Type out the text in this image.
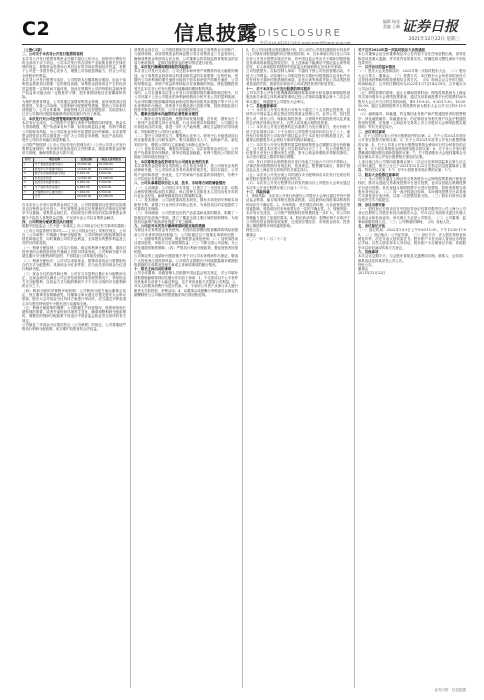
C2	信息披露 DISCLOSURE
编辑 杨亮
美编 王琳 证券日报
2021年12月22日 星期三
电话:010-83251716 E-mail:zqrb9@zqrb.sina.net

（上接C1版）

二、公司关于本次非公开发行股票的说明

本次非公开发行股票募集资金总额不超过人民币元，扣除发行费用后将全部用于以下项目。公司本次发行符合国家产业政策及相关法律法规的规定，募集资金投资项目具有良好的市场前景和经济效益，有利于公司进一步提升核心竞争力，增强公司持续盈利能力，符合公司及全体股东的利益。

本次非公开发行股票完成后，公司的股本总额将相应增加，但由于募集资金投资项目需要一定的建设周期，募集资金投资项目产生的经济效益需要一定的时间才能体现，因此在短期内公司的每股收益和净资产收益率可能出现一定程度的下降，股东即期回报存在被摊薄的风险。

为保护投资者利益，公司将通过加强募集资金管理、加快募投项目投资进度、完善公司治理、完善利润分配制度等措施，提高公司未来的回报能力。公司全体董事、高级管理人员以及控股股东、实际控制人已对公司填补回报措施能够得到切实履行作出了承诺。

三、本次发行对公司经营管理和财务状况的影响

本次发行完成后，公司的资产总额与净资产规模将同时增加，资金实力得到增强，资产负债率有所下降，财务结构更趋合理，有利于降低公司的财务风险，为公司后续业务的开拓提供良好的保障。本次募集资金投资项目的实施将进一步扩大公司的业务规模，优化产品结构，提升公司的市场地位和盈利能力。

公司将严格按照《上市公司证券发行管理办法》《上市公司非公开发行股票实施细则》等法律法规及规范性文件的要求，规范募集资金的使用与管理，确保募集资金专款专用。

序号	项目名称	投资总额	拟投入募集资金
1	年产智能装备建设项目	35,000.00	30,000.00
2	研发中心升级建设项目	12,000.00	10,000.00
3	数字化营销网络建设项目	8,500.00	8,000.00
4	补充流动资金	12,000.00	12,000.00
5	信息化系统建设项目	6,000.00	5,500.00
6	生产线技术改造项目	9,800.00	9,000.00
7	仓储物流中心建设项目	7,200.00	6,500.00
	合计	90,500.00	81,000.00

在本次非公开发行募集资金到位之前，公司将根据项目进度的实际情况以自筹资金先行投入，并在募集资金到位后按照相关法规规定的程序予以置换。募集资金到位后，若扣除发行费用后的实际募集资金净额少于拟投入募集资金总额，不足部分由公司以自筹资金解决。

四、公司利润分配政策及执行情况

根据中国证监会《关于进一步落实上市公司现金分红有关事项的通知》《上市公司监管指引第3号——上市公司现金分红》的相关规定，公司在《公司章程》中明确了利润分配政策，公司的利润分配政策保持连续性和稳定性，同时兼顾公司的长远利益、全体股东的整体利益及公司的可持续发展。

（一）利润分配原则：公司实行持续、稳定的利润分配政策，重视对投资者的合理投资回报并兼顾公司的可持续发展。公司利润分配不得超过累计可分配利润的范围，不得损害公司持续经营能力。

（二）利润分配形式：公司可以采取现金、股票或者现金与股票相结合的方式分配股利，具备现金分红条件的，应当优先采用现金分红进行利润分配。

（三）现金分红的条件和比例：公司在当年盈利且累计未分配利润为正，且现金流可以满足公司正常经营和持续发展的情况下，采取现金方式分配股利，以现金方式分配的利润不少于当年实现的可分配利润的百分之十。

（四）利润分配的决策程序和机制：公司利润分配方案由董事会拟定，独立董事发表明确意见，经董事会审议通过后提交股东大会审议批准。股东大会对现金分红具体方案进行审议时，应当通过多种渠道主动与股东特别是中小股东进行沟通和交流。

（五）利润分配政策的调整：公司根据生产经营情况、投资规划和长期发展的需要，或者外部经营环境发生变化，确需调整利润分配政策的，调整后的利润分配政策不得违反中国证监会和证券交易所的有关规定。

公司最近三年现金分红情况符合《公司章程》的规定，公司将继续严格执行利润分配政策，切实维护投资者的合法权益。

募集资金到位后，公司将按照相关法规要求设立募集资金专项账户，与保荐机构、存放募集资金的商业银行签订募集资金三方监管协议，确保募集资金的使用合法合规。公司董事会将持续监督募集资金的存放与使用情况，定期对募集资金的使用情况进行检查。

五、本次发行摊薄即期回报的风险提示

本次非公开发行完成后，公司总股本和净资产规模将有较大幅度的增加，由于募集资金投资项目的建设和效益的实现需要一定的时间，短期内公司净利润的增长速度可能低于股本和净资产的增长速度，公司的每股收益、净资产收益率等指标存在被摊薄的风险。特此提醒投资者关注本次非公开发行股票可能摊薄即期回报的风险。

同时，公司在测算本次非公开发行对即期回报的摊薄影响过程中，对公司归属于上市公司股东的净利润的假设分析并非公司的盈利预测，为应对即期回报被摊薄风险而制定的填补回报具体措施不等于对公司未来利润作出保证，投资者不应据此进行投资决策，投资者据此进行投资决策造成损失的，公司不承担赔偿责任。

六、董事会选择本次融资的必要性和合理性

（一）顺应行业发展趋势，把握市场发展机遇。近年来，国家出台了一系列产业政策支持行业发展，行业市场需求持续增长，公司通过本次募投项目的实施，将进一步扩大产能规模，满足日益增长的市场需求，巩固和提升公司的行业地位。

（二）提升公司研发实力，增强核心竞争力。研发中心升级建设项目的实施将改善公司研发条件，吸引高端技术人才，加快新产品、新技术的开发，增强公司的自主创新能力和核心竞争力。

（三）优化资本结构，增强抗风险能力。本次募集资金到位后，公司资产负债率将有所降低，财务结构更加稳健，有利于提高公司的抗风险能力和持续经营能力。

七、本次募集资金投资项目与公司现有业务的关系

本次募集资金投资项目均围绕公司主营业务展开，是公司现有业务的延伸和升级，与公司现有业务具有高度的相关性。项目实施后，公司的产品结构将进一步优化，生产效率和产品质量将得到提升，有利于公司实现业务发展目标。

八、公司从事募投项目在人员、技术、市场等方面的储备情况

（一）人员储备：公司经过多年发展，已建立了一支经验丰富、结构合理的管理团队和技术团队，核心管理人员和技术人员均具有多年的行业从业经验，能够保障募投项目的顺利实施。

（二）技术储备：公司高度重视技术研发，拥有多项发明专利和实用新型专利，掌握了行业内的多项核心技术，为募投项目的实施提供了可靠的技术保障。

（三）市场储备：公司凭借良好的产品质量和优质的服务，积累了一批稳定的优质客户资源，建立了覆盖全国主要区域的营销网络，为募投项目新增产能的消化提供了有力保障。

九、公司应对本次发行摊薄即期回报采取的措施

为保证本次募集资金有效使用、有效防范即期回报被摊薄的风险和提高公司未来的持续回报能力，公司拟通过以下措施实现填补回报：（一）加强募集资金管理，保证募集资金规范使用；（二）加快募投项目建设进度，争取早日实现预期效益；（三）不断完善公司治理，为公司发展提供制度保障；（四）严格执行利润分配政策，强化投资者回报机制。

公司制定的上述填补回报措施不等于对公司未来利润作出保证，敬请广大投资者注意投资风险。公司将在定期报告中持续披露填补即期回报措施的完成情况及相关承诺主体承诺事项的履行情况。

十、相关主体出具的承诺

公司全体董事、高级管理人员根据中国证监会相关规定，对公司填补回报措施能够得到切实履行作出如下承诺：1、不无偿或以不公平条件向其他单位或者个人输送利益，也不采用其他方式损害公司利益；2、对本人的职务消费行为进行约束；3、不动用公司资产从事与本人履行职责无关的投资、消费活动；4、由董事会或薪酬与考核委员会制定的薪酬制度与公司填补回报措施的执行情况相挂钩。

5、若公司后续推出股权激励计划，拟公布的公司股权激励的行权条件与公司填补回报措施的执行情况相挂钩；6、自本承诺出具日至公司本次非公开发行股票实施完毕前，若中国证监会作出关于填补回报措施及其承诺的新的监管规定的，且上述承诺不能满足中国证监会该等规定时，本人承诺届时将按照中国证监会的最新规定出具补充承诺。

公司控股股东、实际控制人承诺：不越权干预公司经营管理活动，不侵占公司利益；切实履行公司制定的有关填补回报措施以及对此作出的任何有关填补回报措施的承诺，若违反该等承诺并给公司或者投资者造成损失的，愿意依法承担对公司或者投资者的补偿责任。

十一、关于本次非公开发行股票的审议程序

公司本次非公开发行股票摊薄即期回报事项的分析及填补即期回报措施及相关承诺主体的承诺等事项已经公司第四届董事会第十二次会议审议通过，尚需提交公司股东大会审议。

十二、其他重要事项

（一）本次非公开发行的发行对象为不超过三十五名特定投资者，包括符合中国证监会规定的证券投资基金管理公司、证券公司、信托投资公司、财务公司、保险机构投资者、合格境外机构投资者以及其他符合法律法规规定的法人、自然人或其他合格的投资者。

（二）本次非公开发行股票的定价基准日为发行期首日，发行价格不低于定价基准日前二十个交易日公司股票交易均价的百分之八十。最终发行价格将在公司取得中国证监会关于本次发行的核准批文后，由董事会根据股东大会授权与保荐机构协商确定。

（三）本次非公开发行股票的数量按照募集资金总额除以发行价格确定，且不超过本次发行前公司总股本的百分之三十。若公司股票在定价基准日至发行日期间发生送股、资本公积金转增股本等除权事项，本次发行数量上限将作相应调整。

（四）发行对象所认购的股份自发行结束之日起六个月内不得转让。法律法规对限售期另有规定的，依其规定。限售期结束后，将按中国证监会及上海证券交易所的有关规定执行。

（五）本次非公开发行前公司的滚存未分配利润由本次发行完成后的新老股东按照发行后的持股比例共享。

（六）本次非公开发行股票决议的有效期为自公司股东大会审议通过本次非公开发行股票议案之日起十二个月。

十三、风险因素

1、审批风险：本次非公开发行尚需经公司股东大会审议通过并经中国证监会核准，能否取得相关批准或核准，以及最终取得批准或核准的时间存在不确定性。2、市场风险：受宏观经济环境、行业政策变化等因素影响，募投项目的市场前景存在一定的不确定性。3、管理风险：本次发行完成后，公司资产规模和经营规模将进一步扩大，对公司的管理能力提出了更高的要求。4、股价波动风险：股票价格不仅取决于公司的经营业绩和发展前景，还受到宏观经济、市场资金供求、投资者心理预期等多种因素的影响。

特此公告。

董事会

二〇二一年十二月二十二日

关于召开2022年第一次临时股东大会的通知

本公司董事会及全体董事保证本公告内容不存在任何虚假记载、误导性陈述或者重大遗漏，并对其内容的真实性、准确性和完整性承担个别及连带责任。

一、召开会议的基本情况

（一）股东大会类型和届次：2022年第一次临时股东大会。（二）股东大会召集人：董事会。（三）投票方式：本次股东大会所采用的表决方式是现场投票和网络投票相结合的方式。（四）现场会议召开的日期、时间和地点：召开的日期时间为2022年1月7日14点30分，召开地点为公司会议室。

（五）网络投票的系统、起止日期和投票时间：网络投票系统为上海证券交易所股东大会网络投票系统，通过交易系统投票平台的投票时间为股东大会召开当日的交易时间段，即9:15-9:25，9:30-11:30，13:00-15:00；通过互联网投票平台的投票时间为股东大会召开当日的9:15-15:00。

（六）融资融券、转融通、约定购回业务账户和沪股通投资者的投票程序：涉及融资融券、转融通业务、约定购回业务相关账户以及沪股通投资者的投票，应按照《上海证券交易所上市公司股东大会网络投票实施细则》等有关规定执行。

二、会议审议事项

1、关于公司符合非公开发行股票条件的议案；2、关于公司2021年度非公开发行股票方案的议案；3、关于公司2021年度非公开发行股票预案的议案；4、关于公司非公开发行股票募集资金使用可行性分析报告的议案；5、关于前次募集资金使用情况报告的议案；6、关于非公开发行股票摊薄即期回报及填补措施的议案；7、关于提请股东大会授权董事会全权办理本次非公开发行股票相关事宜的议案。

上述议案已经公司第四届董事会第十二次会议及第四届监事会第九次会议审议通过，相关公告已于2021年12月22日在指定信息披露媒体上披露。特别决议议案：1-7；对中小投资者单独计票的议案：1-7。

三、股东大会投票注意事项

（一）本公司股东通过上海证券交易所股东大会网络投票系统行使表决权的，既可以登陆交易系统投票平台进行投票，也可以登陆互联网投票平台进行投票。首次登陆互联网投票平台进行投票的，投资者需要完成股东身份认证。（二）同一表决权通过现场、本所网络投票平台或其他方式重复进行表决的，以第一次投票结果为准。（三）股东对所有议案均表决完毕才能提交。

四、会议出席对象

（一）股权登记日收市后在中国证券登记结算有限责任公司上海分公司登记在册的公司股东有权出席股东大会，并可以以书面形式委托代理人出席会议和参加表决。该代理人不必是公司股东。（二）公司董事、监事和高级管理人员。（三）公司聘请的律师。（四）其他人员。

五、会议登记方法

（一）登记时间：2022年1月5日上午9:00-11:30，下午13:30-17:00。（二）登记地点：公司证券部。（三）登记方式：法人股东持营业执照复印件、法定代表人授权委托书、股东账户卡及出席人身份证办理登记手续；自然人股东持本人身份证、股东账户卡办理登记手续；异地股东可以用信函或传真方式登记。

六、其他事项

本次会议会期半天，与会股东食宿及交通费用自理。联系人：证券部；联系电话及传真详见公司公告。

特此公告。

董事会

2021年12月22日

证券日报 · 信息披露
